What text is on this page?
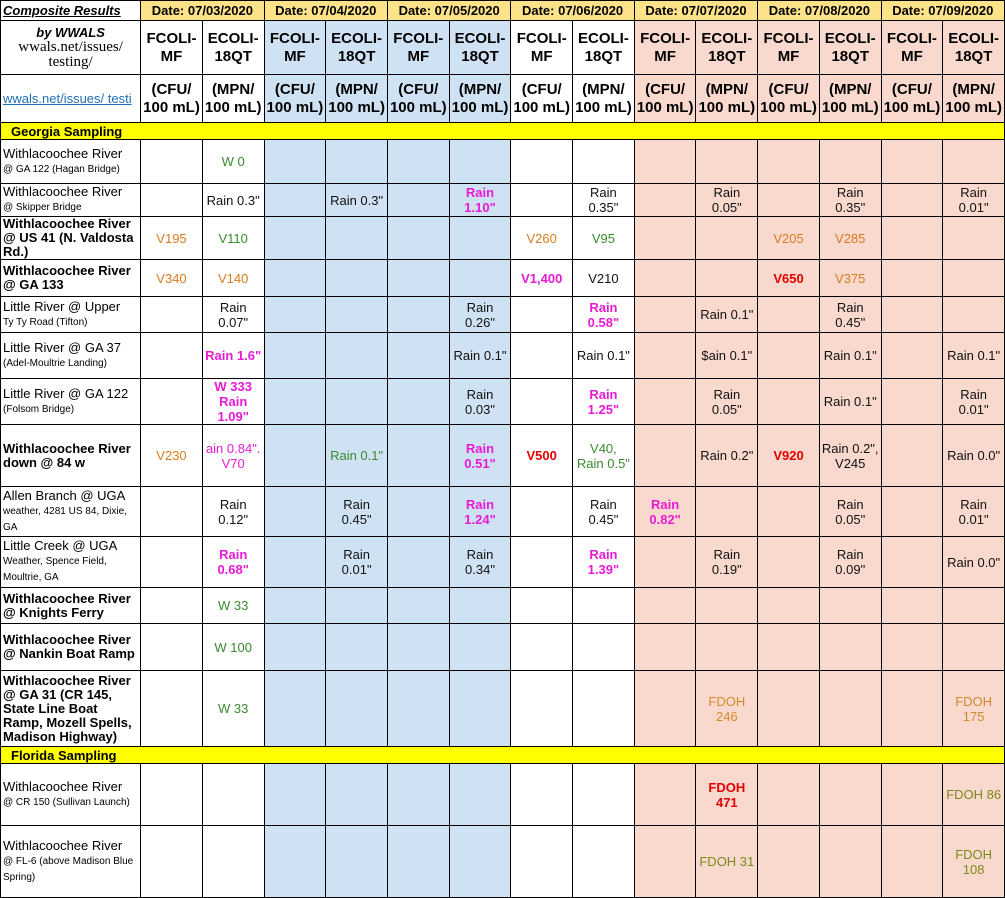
Composite Results	Date: 07/03/2020		Date: 07/04/2020		Date: 07/05/2020		Date: 07/06/2020		Date: 07/07/2020		Date: 07/08/2020		Date: 07/09/2020	

by WWALS
wwals.net/issues/
testing/	FCOLI-MF	ECOLI-18QT	FCOLI-MF	ECOLI-18QT	FCOLI-MF	ECOLI-18QT	FCOLI-MF	ECOLI-18QT	FCOLI-MF	ECOLI-18QT	FCOLI-MF	ECOLI-18QT	FCOLI-MF	ECOLI-18QT
wwals.net/issues/ testi	(CFU/ 100 mL)	(MPN/ 100 mL)	(CFU/ 100 mL)	(MPN/ 100 mL)	(CFU/ 100 mL)	(MPN/ 100 mL)	(CFU/ 100 mL)	(MPN/ 100 mL)	(CFU/ 100 mL)	(MPN/ 100 mL)	(CFU/ 100 mL)	(MPN/ 100 mL)	(CFU/ 100 mL)	(MPN/ 100 mL)
Georgia Sampling														

Withlacoochee River
@ GA 122 (Hagan Bridge)		W 0												

Withlacoochee River
@ Skipper Bridge		Rain 0.3"		Rain 0.3"		Rain 1.10"		Rain 0.35"		Rain 0.05"		Rain 0.35"		Rain 0.01"

Withlacoochee River
@ US 41 (N. Valdosta Rd.)	V195	V110					V260	V95			V205	V285		

Withlacoochee River
@ GA 133	V340	V140					V1,400	V210			V650	V375		

Little River @ Upper
Ty Ty Road (Tifton)		Rain 0.07"				Rain 0.26"		Rain 0.58"		Rain 0.1"		Rain 0.45"		

Little River @ GA 37
(Adel-Moultrie Landing)		Rain 1.6"				Rain 0.1"		Rain 0.1"		$ain 0.1"		Rain 0.1"		Rain 0.1"

Little River @ GA 122
(Folsom Bridge)		W 333 Rain 1.09"				Rain 0.03"		Rain 1.25"		Rain 0.05"		Rain 0.1"		Rain 0.01"

Withlacoochee River
down @ 84 w	V230	ain 0.84". V70		Rain 0.1"		Rain 0.51"	V500	V40, Rain 0.5"		Rain 0.2"	V920	Rain 0.2", V245		Rain 0.0"

Allen Branch @ UGA
weather, 4281 US 84, Dixie, GA		Rain 0.12"		Rain 0.45"		Rain 1.24"		Rain 0.45"	Rain 0.82"			Rain 0.05"		Rain 0.01"

Little Creek @ UGA
Weather, Spence Field, Moultrie, GA		Rain 0.68"		Rain 0.01"		Rain 0.34"		Rain 1.39"		Rain 0.19"		Rain 0.09"		Rain 0.0"

Withlacoochee River
@ Knights Ferry		W 33												

Withlacoochee River
@ Nankin Boat Ramp		W 100												

Withlacoochee River
@ GA 31 (CR 145, State Line Boat Ramp, Mozell Spells, Madison Highway)		W 33								FDOH 246				FDOH 175
Florida Sampling														

Withlacoochee River
@ CR 150 (Sullivan Launch)										FDOH 471				FDOH 86

Withlacoochee River
@ FL-6 (above Madison Blue Spring)										FDOH 31				FDOH 108
